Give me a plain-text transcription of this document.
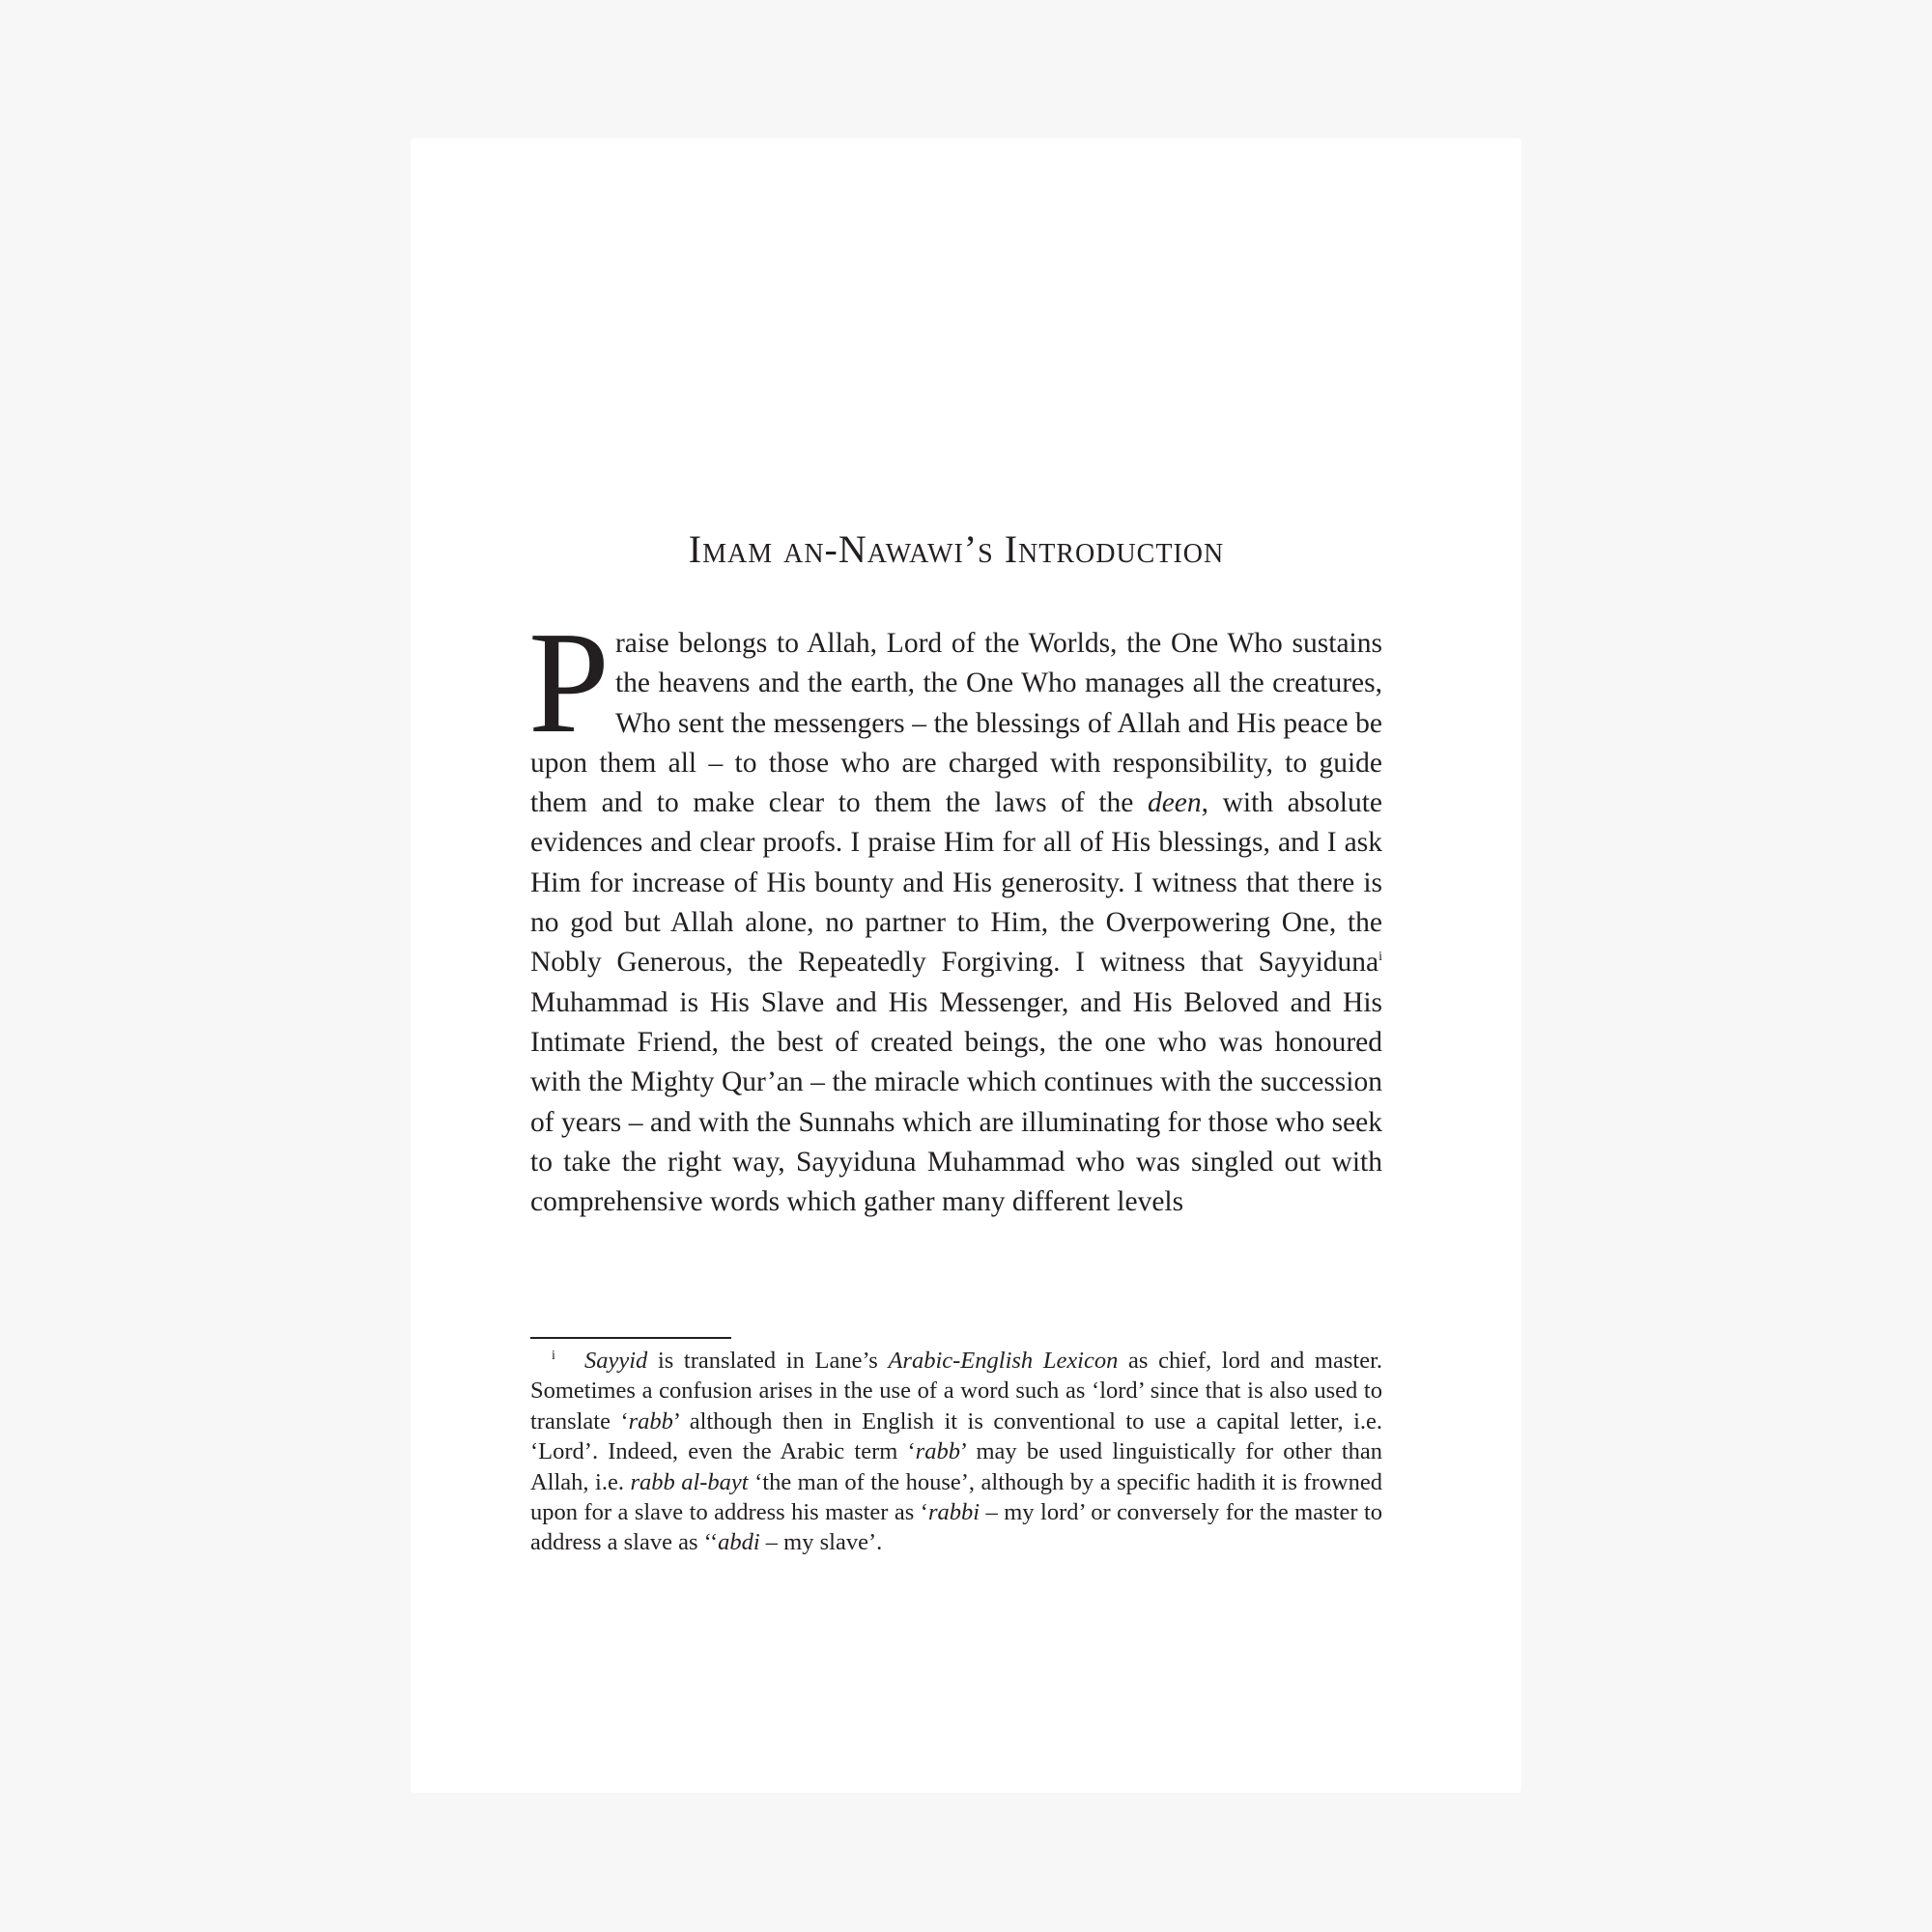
Imam an-Nawawi’s Introduction

Praise belongs to Allah, Lord of the Worlds, the One Who sustains the heavens and the earth, the One Who manages all the creatures, Who sent the messengers – the blessings of Allah and His peace be upon them all – to those who are charged with responsibility, to guide them and to make clear to them the laws of the deen, with absolute evidences and clear proofs. I praise Him for all of His blessings, and I ask Him for increase of His bounty and His generosity. I witness that there is no god but Allah alone, no partner to Him, the Overpowering One, the Nobly Generous, the Repeatedly Forgiving. I witness that Sayyiduna$^i$ Muhammad is His Slave and His Messenger, and His Beloved and His Intimate Friend, the best of created beings, the one who was honoured with the Mighty Qur’an – the miracle which continues with the succession of years – and with the Sunnahs which are illuminating for those who seek to take the right way, Sayyiduna Muhammad who was singled out with comprehensive words which gather many different levels

i Sayyid is translated in Lane’s Arabic-English Lexicon as chief, lord and master. Sometimes a confusion arises in the use of a word such as ‘lord’ since that is also used to translate ‘rabb’ although then in English it is conventional to use a capital letter, i.e. ‘Lord’. Indeed, even the Arabic term ‘rabb’ may be used linguistically for other than Allah, i.e. rabb al-bayt ‘the man of the house’, although by a specific hadith it is frowned upon for a slave to address his master as ‘rabbi – my lord’ or conversely for the master to address a slave as ‘‘abdi – my slave’.
